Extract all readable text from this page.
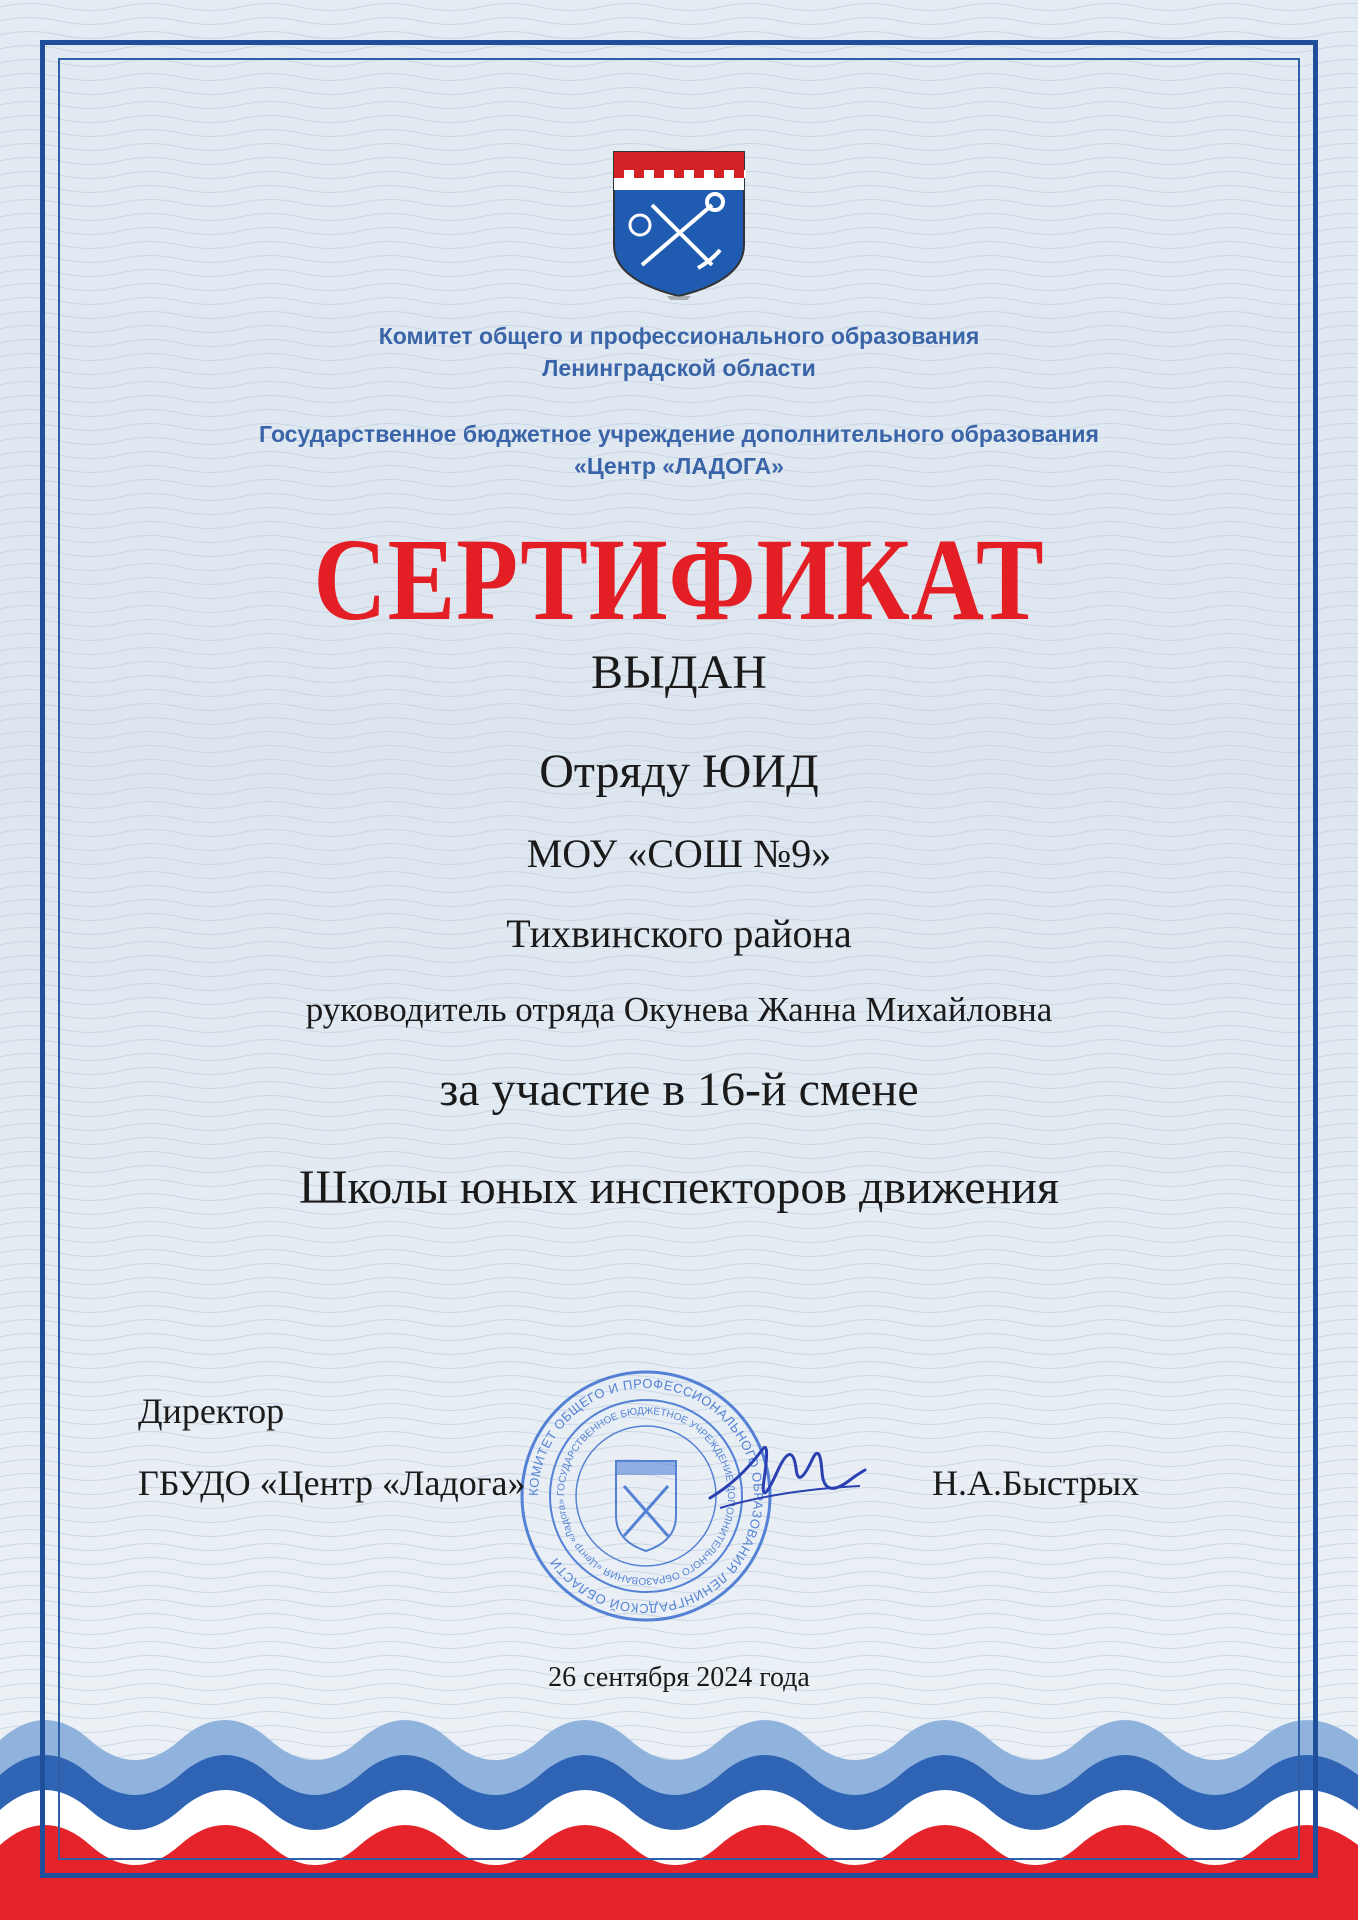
Комитет общего и профессионального образования
Ленинградской области
Государственное бюджетное учреждение дополнительного образования
«Центр «ЛАДОГА»
СЕРТИФИКАТ
ВЫДАН
Отряду ЮИД
МОУ «СОШ №9»
Тихвинского района
руководитель отряда Окунева Жанна Михайловна
за участие в 16-й смене
Школы юных инспекторов движения
КОМИТЕТ ОБЩЕГО И ПРОФЕССИОНАЛЬНОГО ОБРАЗОВАНИЯ ЛЕНИНГРАДСКОЙ ОБЛАСТИ
ГОСУДАРСТВЕННОЕ БЮДЖЕТНОЕ УЧРЕЖДЕНИЕ ДОПОЛНИТЕЛЬНОГО ОБРАЗОВАНИЯ «Центр «Ладога»
Директор
ГБУДО «Центр «Ладога»	Н.А.Быстрых
26 сентября 2024 года
